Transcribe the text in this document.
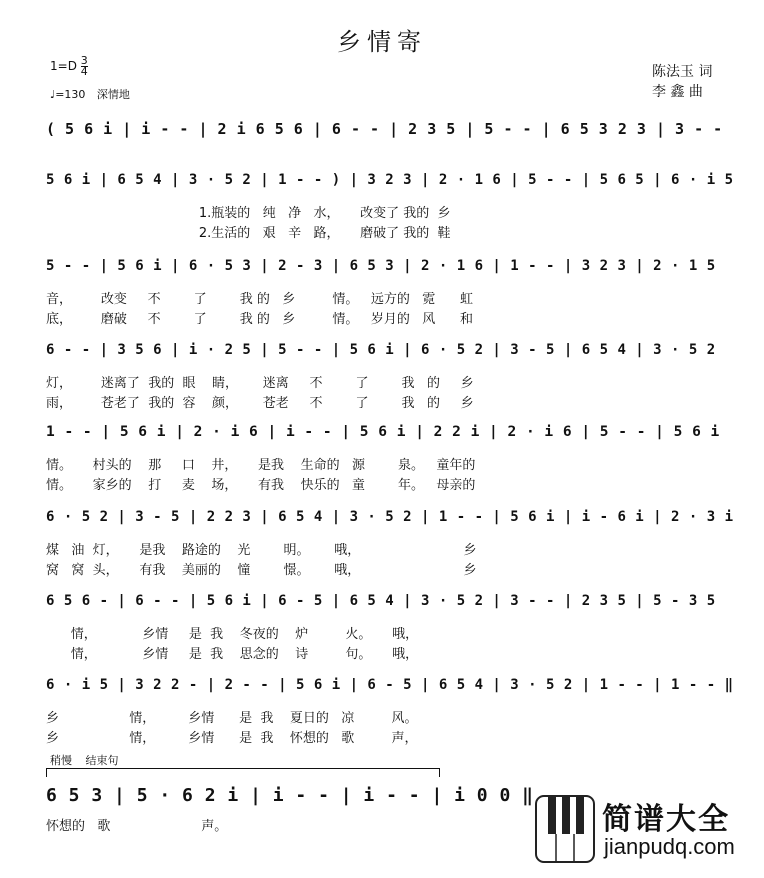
乡情寄
$1=D \frac{3}{4}$
♩=130 深情地
陈法玉 词
李 鑫 曲
( 5 6 i | i - - | 2 i 6 5 6 | 6 - - | 2 3 5 | 5 - - | 6 5 3 2 3 | 3 - -
5 6 i | 6 5 4 | 3 · 5 2 | 1 - - ) | 3 2 3 | 2 · 1 6 | 5 - - | 5 6 5 | 6 · i 5
1.瓶装的   纯   净   水，     改变了 我的  乡
2.生活的   艰   辛   路，     磨破了 我的  鞋
5 - - | 5 6 i | 6 · 5 3 | 2 - 3 | 6 5 3 | 2 · 1 6 | 1 - - | 3 2 3 | 2 · 1 5
音，       改变     不        了        我 的   乡         情。   远方的   霓      虹
底，       磨破     不        了        我 的   乡         情。   岁月的   风      和
6 - - | 3 5 6 | i · 2 5 | 5 - - | 5 6 i | 6 · 5 2 | 3 - 5 | 6 5 4 | 3 · 5 2
灯，       迷离了  我的  眼    睛，      迷离     不        了        我   的     乡
雨，       苍老了  我的  容    颜，      苍老     不        了        我   的     乡
1 - - | 5 6 i | 2 · i 6 | i - - | 5 6 i | 2 2 i | 2 · i 6 | 5 - - | 5 6 i
情。     村头的    那     口    井，     是我    生命的   源        泉。   童年的
情。     家乡的    打     麦    场，     有我    快乐的   童        年。   母亲的
6 · 5 2 | 3 - 5 | 2 2 3 | 6 5 4 | 3 · 5 2 | 1 - - | 5 6 i | i - 6 i | 2 · 3 i
煤   油  灯，     是我    路途的    光        明。      哦，                         乡
窝   窝  头，     有我    美丽的    憧        憬。      哦，                         乡
6 5 6 - | 6 - - | 5 6 i | 6 - 5 | 6 5 4 | 3 · 5 2 | 3 - - | 2 3 5 | 5 - 3 5
情，           乡情     是  我    冬夜的    炉         火。     哦，
情，           乡情     是  我    思念的    诗         句。     哦，
6 · i 5 | 3 2 2 - | 2 - - | 5 6 i | 6 - 5 | 6 5 4 | 3 · 5 2 | 1 - - | 1 - - ‖
乡                 情，        乡情      是  我    夏日的   凉         风。
乡                 情，        乡情      是  我    怀想的   歌         声，
6 5 3 | 5 · 6 2 i | i - - | i - - | i 0 0 ‖
怀想的   歌                      声。
稍慢 结束句
简谱大全
jianpudq.com
